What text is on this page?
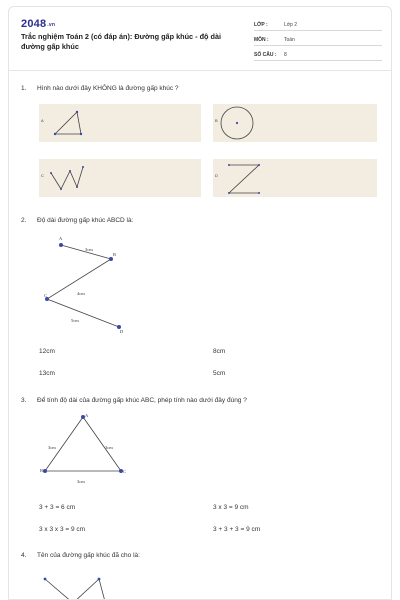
2048.vn
Trắc nghiệm Toán 2 (có đáp án): Đường gấp khúc - độ dài đường gấp khúc
LỚP :	Lớp 2
MÔN :	Toán
SỐ CÂU :	8
1. Hình nào dưới đây KHÔNG là đường gấp khúc ?
A	B
C	D
2. Độ dài đường gấp khúc ABCD là:
A
B
C
D
3cm
4cm
5cm
12cm	8cm
13cm	5cm
3. Để tính độ dài của đường gấp khúc ABC, phép tính nào dưới đây đúng ?
A
B	C
3cm	3cm
3cm
3 + 3 = 6 cm	3 x 3 = 9 cm
3 x 3 x 3 = 9 cm	3 + 3 + 3 = 9 cm
4. Tên của đường gấp khúc đã cho là:
